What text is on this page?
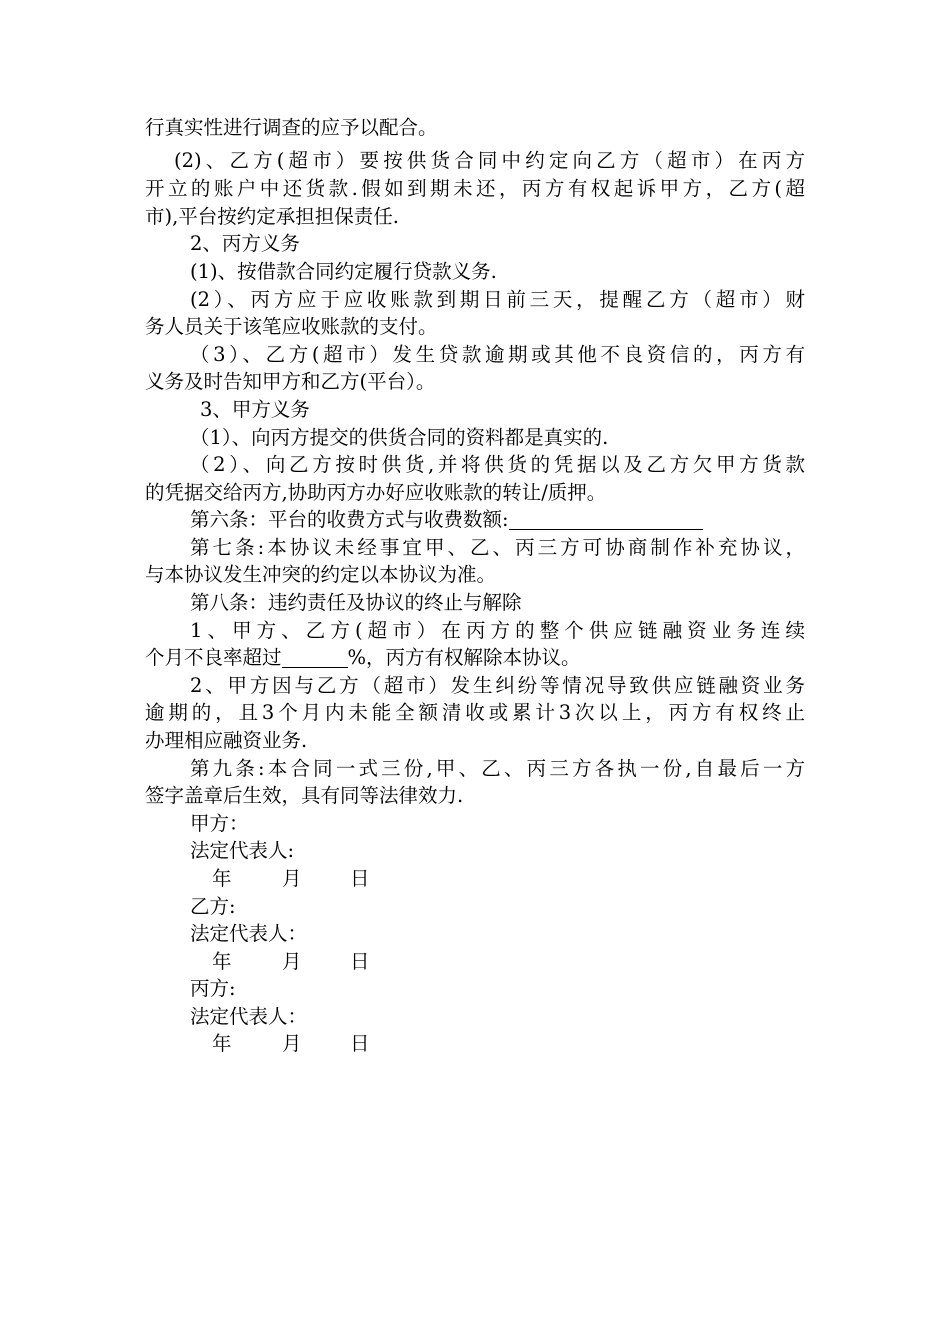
行真实性进行调查的应予以配合。
(2)、乙方(超市）要按供货合同中约定向乙方（超市）在丙方
开立的账户中还货款.假如到期未还，丙方有权起诉甲方，乙方(超
市),平台按约定承担担保责任.
2、丙方义务
(1)、按借款合同约定履行贷款义务.
(2）、丙方应于应收账款到期日前三天，提醒乙方（超市）财
务人员关于该笔应收账款的支付。
（3）、乙方(超市）发生贷款逾期或其他不良资信的，丙方有
义务及时告知甲方和乙方(平台）。
3、甲方义务
（1）、向丙方提交的供货合同的资料都是真实的.
（2）、向乙方按时供货,并将供货的凭据以及乙方欠甲方货款
的凭据交给丙方,协助丙方办好应收账款的转让/质押。
第六条：平台的收费方式与收费数额:
第七条:本协议未经事宜甲、乙、丙三方可协商制作补充协议，
与本协议发生冲突的约定以本协议为准。
第八条：违约责任及协议的终止与解除
1、甲方、乙方(超市）在丙方的整个供应链融资业务连续
个月不良率超过	%，丙方有权解除本协议。
2、甲方因与乙方（超市）发生纠纷等情况导致供应链融资业务
逾期的，且3个月内未能全额清收或累计3次以上，丙方有权终止
办理相应融资业务.
第九条:本合同一式三份,甲、乙、丙三方各执一份,自最后一方
签字盖章后生效，具有同等法律效力.
甲方：
法定代表人:
年	月 日
乙方:
法定代表人：
年	月 日
丙方:
法定代表人：
年	月 日
